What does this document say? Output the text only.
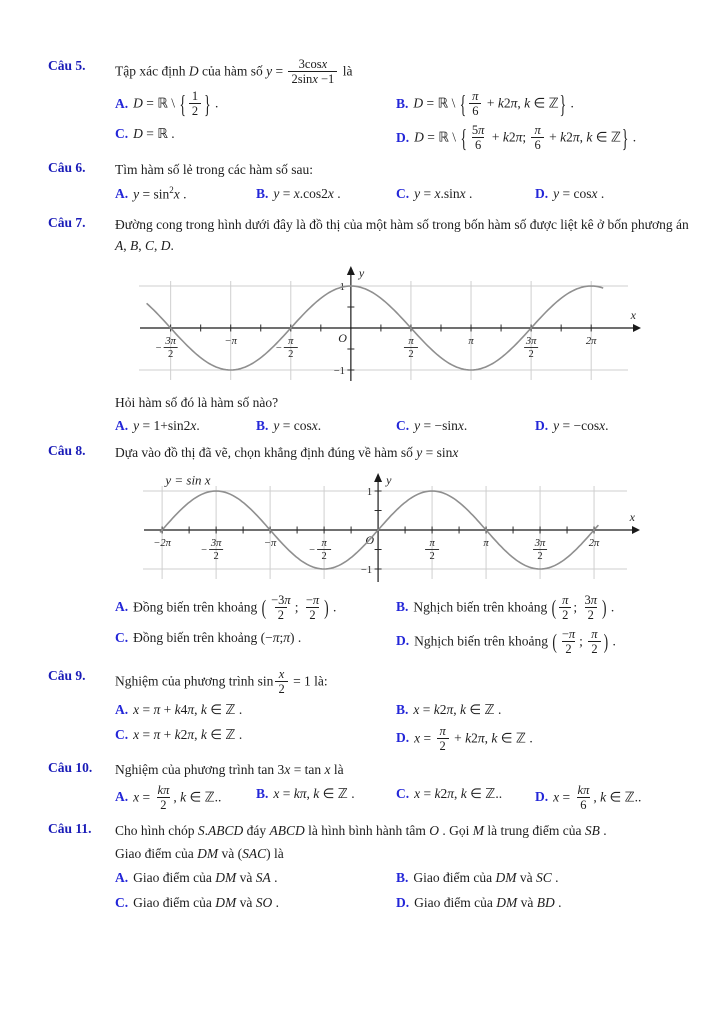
Câu 5.	Tập xác định D của hàm số $y = \frac{3\cos x}{2\sin x -1}$ là
A. D = ℝ \ { $\frac{1}{2}$ } .	B. D = ℝ \ { $\frac{\pi}{6} + k2\pi$, k ∈ ℤ} .
C. D = ℝ .	D. D = ℝ \ { $\frac{5\pi}{6} + k2\pi$; $\frac{\pi}{6} + k2\pi$, k ∈ ℤ} .
Câu 6.	Tìm hàm số lẻ trong các hàm số sau:
A. $y = \sin^2x$ .	B. y = x.cos2x .	C. y = x.sinx .	D. y = cosx .
Câu 7.	Đường cong trong hình dưới đây là đồ thị của một hàm số trong bốn hàm số được liệt kê ở bốn phương án A, B, C, D.
x
y
O
1
−1
3π
2
−
−π	π
2
−
π
2
π	3π
2
2π
Hỏi hàm số đó là hàm số nào?
A. y = 1+sin2x.	B. y = cosx.	C. y = −sinx.	D. y = −cosx.
Câu 8.	Dựa vào đồ thị đã vẽ, chọn khẳng định đúng về hàm số y = sinx
x
y
O
1
−1
−2π	3π
2
−
−π	π
2
−
π
2
π	3π
2
2π
y = sin x
A. Đồng biến trên khoảng ( $\frac{-3\pi}{2}$ ; $\frac{-\pi}{2}$ ) .	B. Nghịch biến trên khoảng ( $\frac{\pi}{2}$ ; $\frac{3\pi}{2}$ ) .
C. Đồng biến trên khoảng (−π;π) .	D. Nghịch biến trên khoảng ( $\frac{-\pi}{2}$ ; $\frac{\pi}{2}$ ) .
Câu 9.	Nghiệm của phương trình $\sin \frac{x}{2} = 1$ là:
A. x = π + k4π, k ∈ ℤ .	B. x = k2π, k ∈ ℤ .
C. x = π + k2π, k ∈ ℤ .	D. $x = \frac{\pi}{2} + k2\pi$, k ∈ ℤ .
Câu 10.	Nghiệm của phương trình tan 3x = tan x là
A. $x = \frac{k\pi}{2}$ , k ∈ ℤ..	B. x = kπ, k ∈ ℤ .	C. x = k2π, k ∈ ℤ..	D. $x = \frac{k\pi}{6}$ , k ∈ ℤ..
Câu 11.	Cho hình chóp S.ABCD đáy ABCD là hình bình hành tâm O . Gọi M là trung điểm của SB .
Giao điểm của DM và (SAC) là
A. Giao điểm của DM và SA .	B. Giao điểm của DM và SC .
C. Giao điểm của DM và SO .	D. Giao điểm của DM và BD .
